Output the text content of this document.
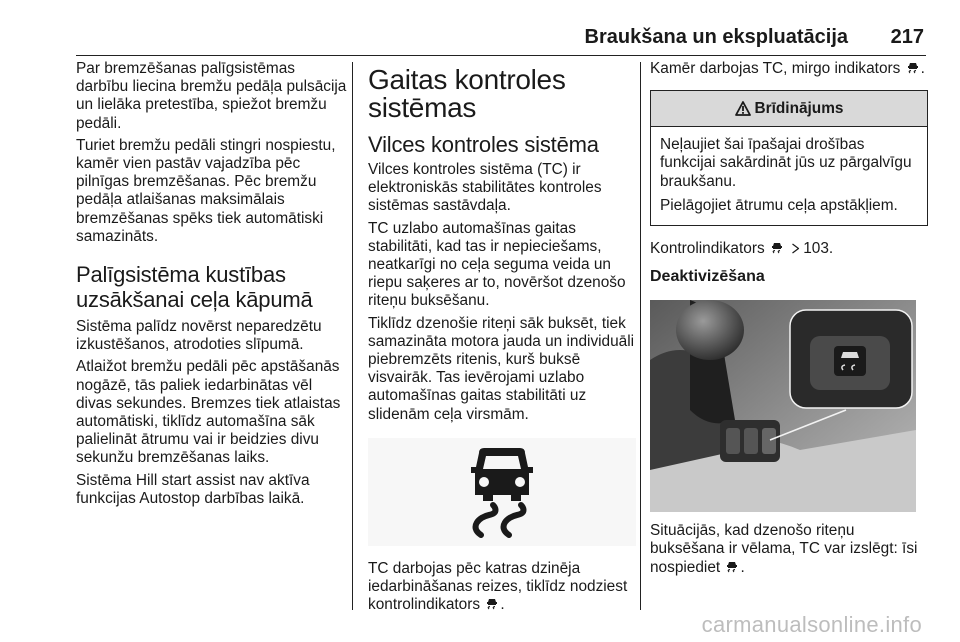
Braukšana un ekspluatācija 217

Par bremzēšanas palīgsistēmas darbību liecina bremžu pedāļa pulsācija un lielāka pretestība, spiežot bremžu pedāli.

Turiet bremžu pedāli stingri nospiestu, kamēr vien pastāv vajadzība pēc pilnīgas bremzēšanas. Pēc bremžu pedāļa atlaišanas maksimālais bremzēšanas spēks tiek automātiski samazināts.

Palīgsistēma kustības uzsākšanai ceļa kāpumā

Sistēma palīdz novērst neparedzētu izkustēšanos, atrodoties slīpumā.

Atlaižot bremžu pedāli pēc apstāšanās nogāzē, tās paliek iedarbinātas vēl divas sekundes. Bremzes tiek atlaistas automātiski, tiklīdz automašīna sāk palielināt ātrumu vai ir beidzies divu sekunžu bremzēšanas laiks.

Sistēma Hill start assist nav aktīva funkcijas Autostop darbības laikā.

Gaitas kontroles sistēmas
Vilces kontroles sistēma

Vilces kontroles sistēma (TC) ir elektroniskās stabilitātes kontroles sistēmas sastāvdaļa.

TC uzlabo automašīnas gaitas stabilitāti, kad tas ir nepieciešams, neatkarīgi no ceļa seguma veida un riepu saķeres ar to, novēršot dzenošo riteņu buksēšanu.

Tiklīdz dzenošie riteņi sāk buksēt, tiek samazināta motora jauda un individuāli piebremzēts ritenis, kurš buksē visvairāk. Tas ievērojami uzlabo automašīnas gaitas stabilitāti uz slidenām ceļa virsmām.

TC darbojas pēc katras dzinēja iedarbināšanas reizes, tiklīdz nodziest kontrolindikators .

Kamēr darbojas TC, mirgo indikators .

Brīdinājums

Neļaujiet šai īpašajai drošības funkcijai sakārdināt jūs uz pārgalvīgu braukšanu.

Pielāgojiet ātrumu ceļa apstākļiem.

Kontrolindikators	103.

Deaktivizēšana

Situācijās, kad dzenošo riteņu buksēšana ir vēlama, TC var izslēgt: īsi nospiediet .

carmanualsonline.info
